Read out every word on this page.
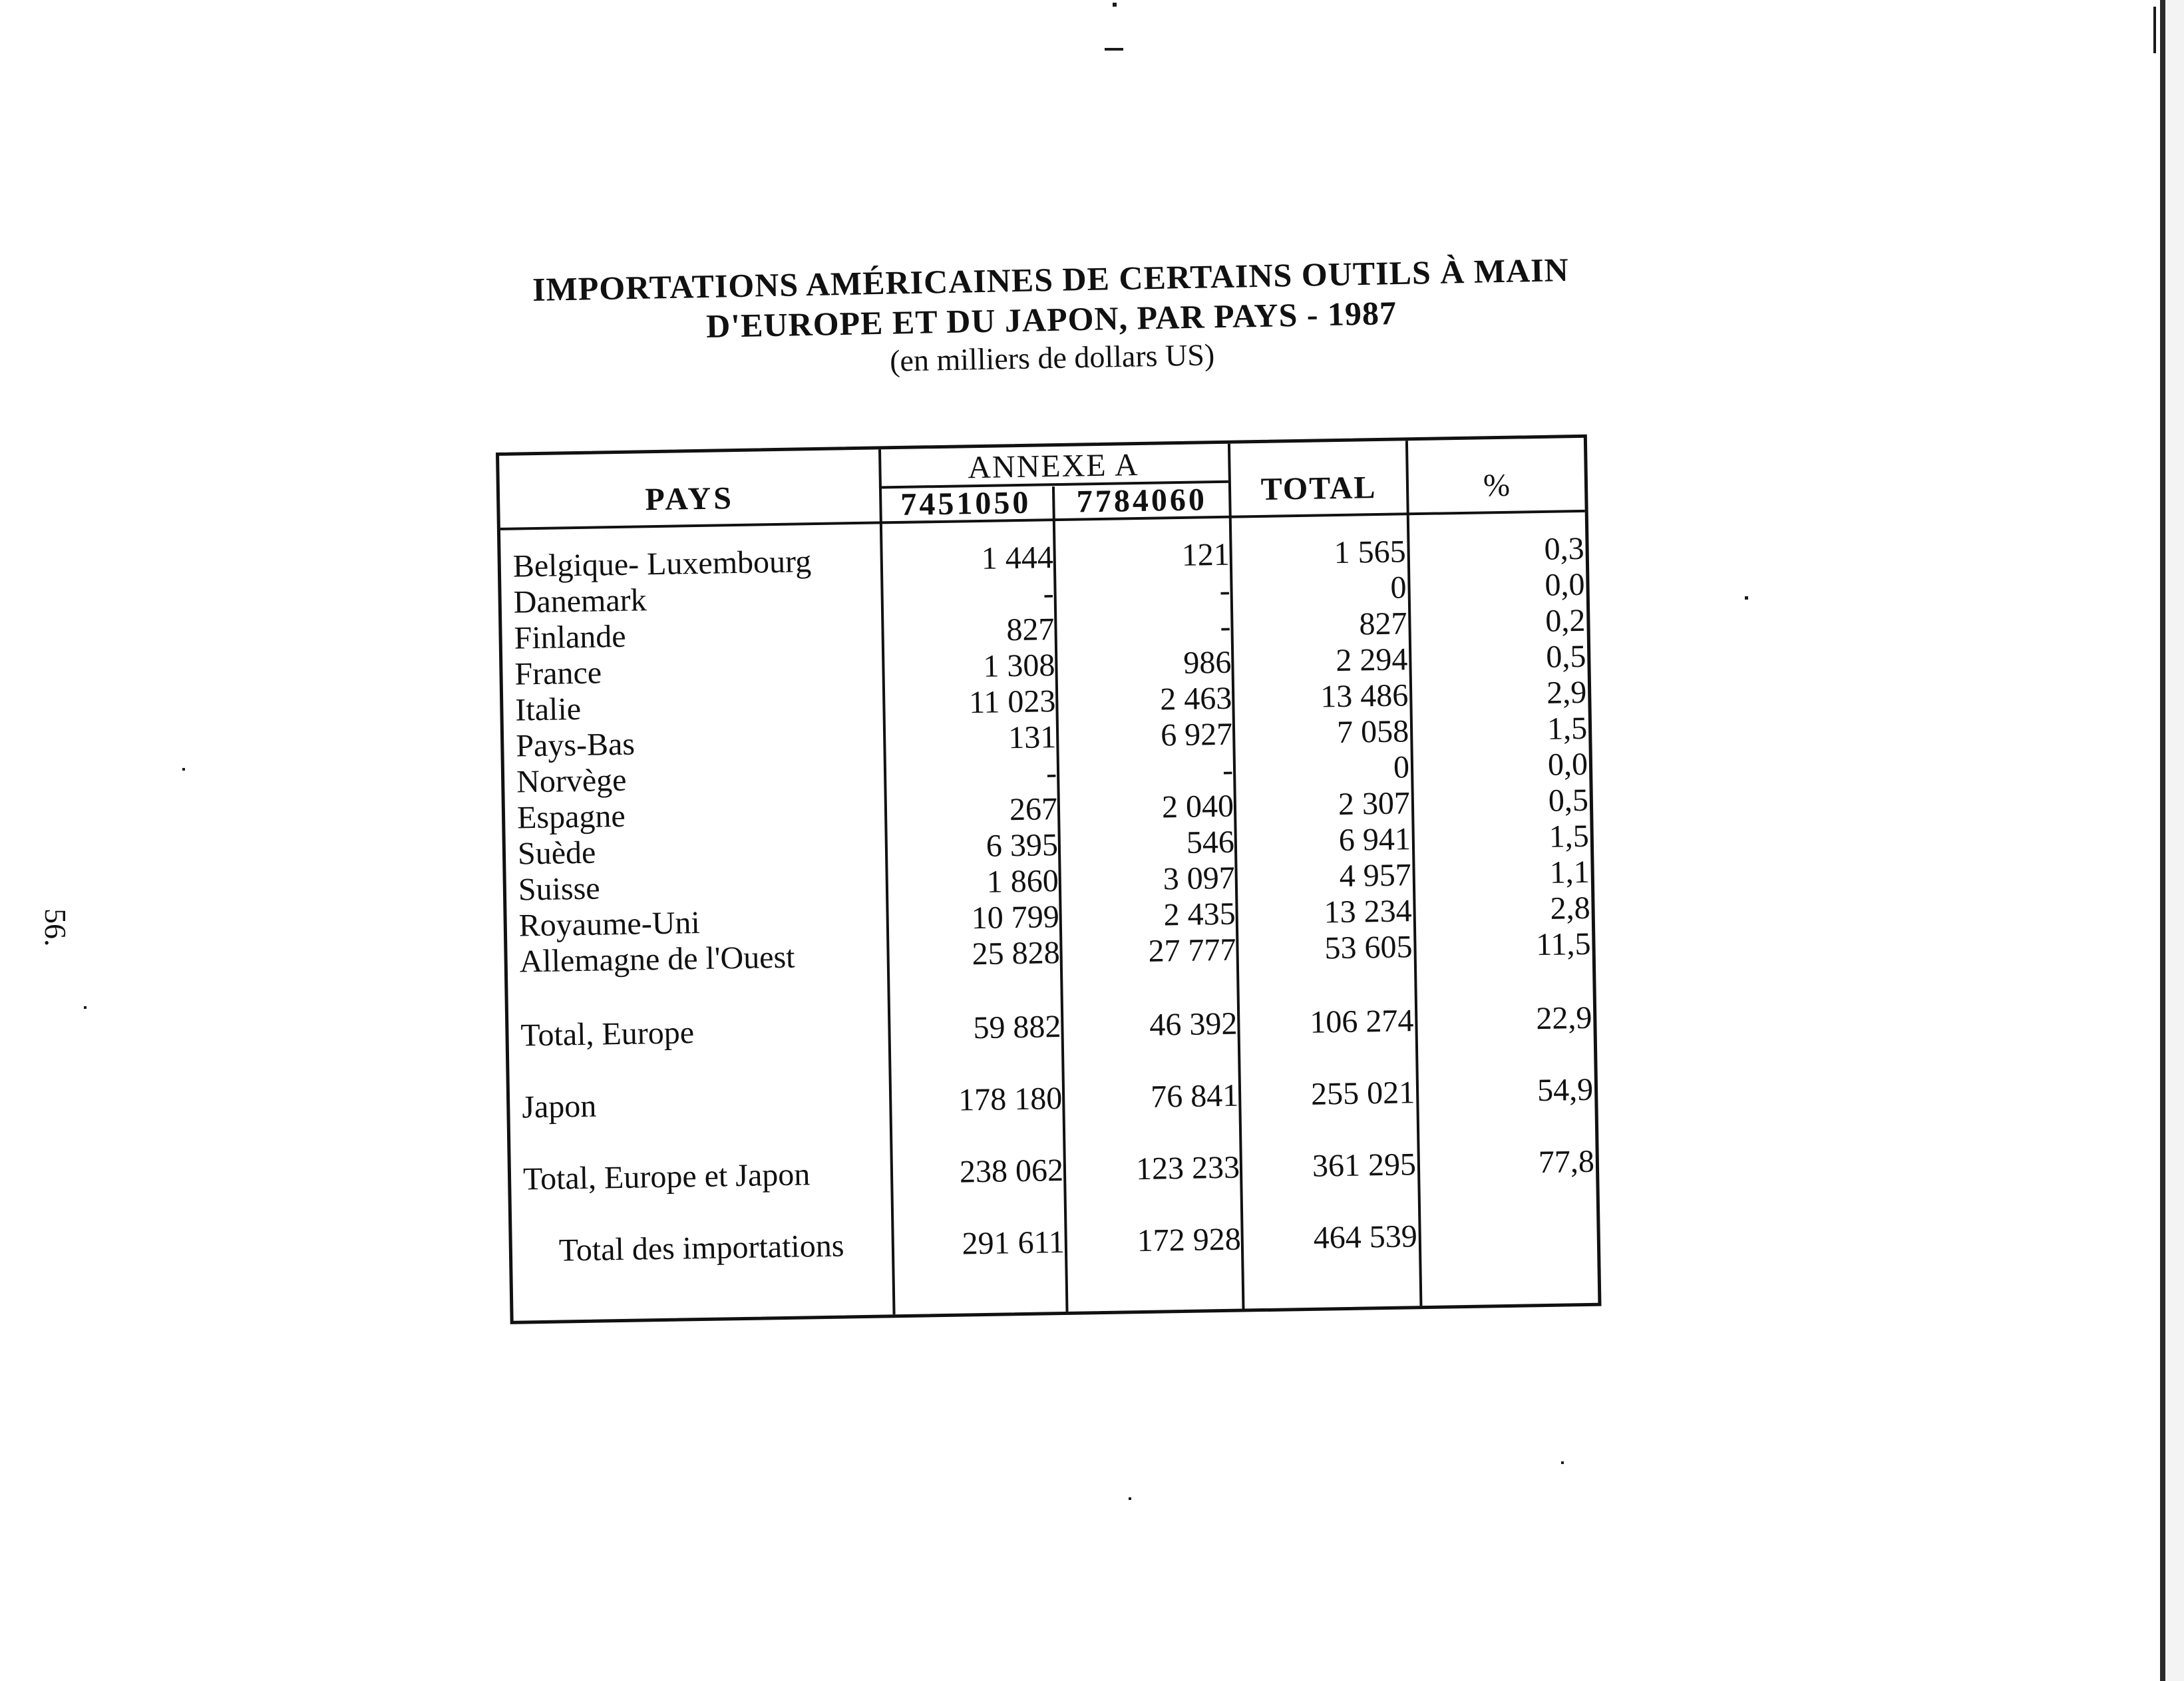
56.
IMPORTATIONS AMÉRICAINES DE CERTAINS OUTILS À MAIN
D'EUROPE ET DU JAPON, PAR PAYS - 1987
(en milliers de dollars US)
PAYS
ANNEXE A
7451050	7784060	TOTAL	%
Belgique- Luxembourg	1 444	121	1 565	0,3
Danemark	-	-	0	0,0
Finlande	827	-	827	0,2
France	1 308	986	2 294	0,5
Italie	11 023	2 463	13 486	2,9
Pays-Bas	131	6 927	7 058	1,5
Norvège	-	-	0	0,0
Espagne	267	2 040	2 307	0,5
Suède	6 395	546	6 941	1,5
Suisse	1 860	3 097	4 957	1,1
Royaume-Uni	10 799	2 435	13 234	2,8
Allemagne de l'Ouest	25 828	27 777	53 605	11,5
Total, Europe	59 882	46 392	106 274	22,9
Japon	178 180	76 841	255 021	54,9
Total, Europe et Japon	238 062	123 233	361 295	77,8
Total des importations	291 611	172 928	464 539
